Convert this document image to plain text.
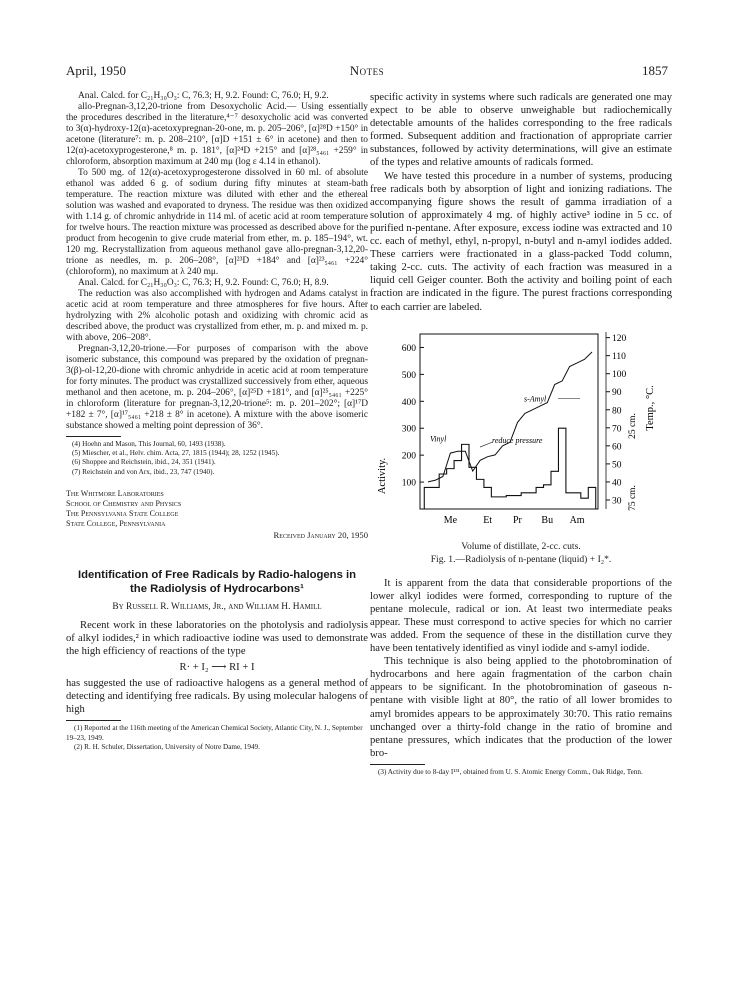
April, 1950	Notes	1857

Anal. Calcd. for C₂₁H₃₀O₃: C, 76.3; H, 9.2. Found: C, 76.0; H, 9.2.

allo-Pregnan-3,12,20-trione from Desoxycholic Acid.— Using essentially the procedures described in the literature,⁴⁻⁷ desoxycholic acid was converted to 3(α)-hydroxy-12(α)-acetoxypregnan-20-one, m. p. 205–206°, [α]²⁸D +150° in acetone (literature⁷: m. p. 208–210°, [α]D +151 ± 6° in acetone) and then to 12(α)-acetoxyprogesterone,⁸ m. p. 181°, [α]²⁴D +215° and [α]²⁸₅₄₆₁ +259° in chloroform, absorption maximum at 240 mμ (log ε 4.14 in ethanol).

To 500 mg. of 12(α)-acetoxyprogesterone dissolved in 60 ml. of absolute ethanol was added 6 g. of sodium during fifty minutes at steam-bath temperature. The reaction mixture was diluted with ether and the ethereal solution was washed and evaporated to dryness. The residue was then oxidized with 1.14 g. of chromic anhydride in 114 ml. of acetic acid at room temperature for twelve hours. The reaction mixture was processed as described above for the product from hecogenin to give crude material from ether, m. p. 185–194°, wt. 120 mg. Recrystallization from aqueous methanol gave allo-pregnan-3,12,20-trione as needles, m. p. 206–208°, [α]²³D +184° and [α]²³₅₄₆₁ +224° (chloroform), no maximum at λ 240 mμ.

Anal. Calcd. for C₂₁H₃₀O₃: C, 76.3; H, 9.2. Found: C, 76.0; H, 8.9.

The reduction was also accomplished with hydrogen and Adams catalyst in acetic acid at room temperature and three atmospheres for five hours. After hydrolyzing with 2% alcoholic potash and oxidizing with chromic acid as described above, the product was crystallized from ether, m. p. and mixed m. p. with above, 206–208°.

Pregnan-3,12,20-trione.—For purposes of comparison with the above isomeric substance, this compound was prepared by the oxidation of pregnan-3(β)-ol-12,20-dione with chromic anhydride in acetic acid at room temperature for forty minutes. The product was crystallized successively from ether, aqueous methanol and then acetone, m. p. 204–206°, [α]²⁵D +181°, and [α]²⁵₅₄₆₁ +225° in chloroform (literature for pregnan-3,12,20-trione⁵: m. p. 201–202°; [α]¹⁷D +182 ± 7°, [α]¹⁷₅₄₆₁ +218 ± 8° in acetone). A mixture with the above isomeric substance showed a melting point depression of 36°.

(4) Hoehn and Mason, This Journal, 60, 1493 (1938).

(5) Miescher, et al., Helv. chim. Acta, 27, 1815 (1944); 28, 1252 (1945).

(6) Shoppee and Reichstein, ibid., 24, 351 (1941).

(7) Reichstein and von Arx, ibid., 23, 747 (1940).

The Whitmore Laboratories
School of Chemistry and Physics
The Pennsylvania State College
State College, Pennsylvania
Received January 20, 1950
Identification of Free Radicals by Radio-halogens in the Radiolysis of Hydrocarbons¹
By Russell R. Williams, Jr., and William H. Hamill

Recent work in these laboratories on the photolysis and radiolysis of alkyl iodides,² in which radioactive iodine was used to demonstrate the high efficiency of reactions of the type

R· + I₂ ⟶ RI + I

has suggested the use of radioactive halogens as a general method of detecting and identifying free radicals. By using molecular halogens of high

(1) Reported at the 116th meeting of the American Chemical Society, Atlantic City, N. J., September 19–23, 1949.

(2) R. H. Schuler, Dissertation, University of Notre Dame, 1949.

specific activity in systems where such radicals are generated one may expect to be able to observe unweighable but radiochemically detectable amounts of the halides corresponding to the free radicals formed. Subsequent addition and fractionation of appropriate carrier substances, followed by activity determinations, will give an estimate of the types and relative amounts of radicals formed.

We have tested this procedure in a number of systems, producing free radicals both by absorption of light and ionizing radiations. The accompanying figure shows the result of gamma irradiation of a solution of approximately 4 mg. of highly active³ iodine in 5 cc. of purified n-pentane. After exposure, excess iodine was extracted and 10 cc. each of methyl, ethyl, n-propyl, n-butyl and n-amyl iodides added. These carriers were fractionated in a glass-packed Todd column, taking 2-cc. cuts. The activity of each fraction was measured in a liquid cell Geiger counter. Both the activity and boiling point of each fraction are indicated in the figure. The purest fractions corresponding to each carrier are labeled.

100
200
300
400
500
600
30
40
50
60
70
80
90
100
110
120
Me	Et Pr Bu Am
Vinyl	reduce pressure
s-Amyl
Activity.
Temp., °C.
25 cm.
75 cm.

Volume of distillate, 2-cc. cuts.

Fig. 1.—Radiolysis of n-pentane (liquid) + I₂*.

It is apparent from the data that considerable proportions of the lower alkyl iodides were formed, corresponding to rupture of the pentane molecule, radical or ion. At least two intermediate peaks appear. These must correspond to active species for which no carrier was added. From the sequence of these in the distillation curve they have been tentatively identified as vinyl iodide and s-amyl iodide.

This technique is also being applied to the photobromination of hydrocarbons and here again fragmentation of the carbon chain appears to be significant. In the photobromination of gaseous n-pentane with visible light at 80°, the ratio of all lower bromides to amyl bromides appears to be approximately 30:70. This ratio remains unchanged over a thirty-fold change in the ratio of bromine and pentane pressures, which indicates that the production of the lower bro-

(3) Activity due to 8-day I¹³¹, obtained from U. S. Atomic Energy Comm., Oak Ridge, Tenn.
